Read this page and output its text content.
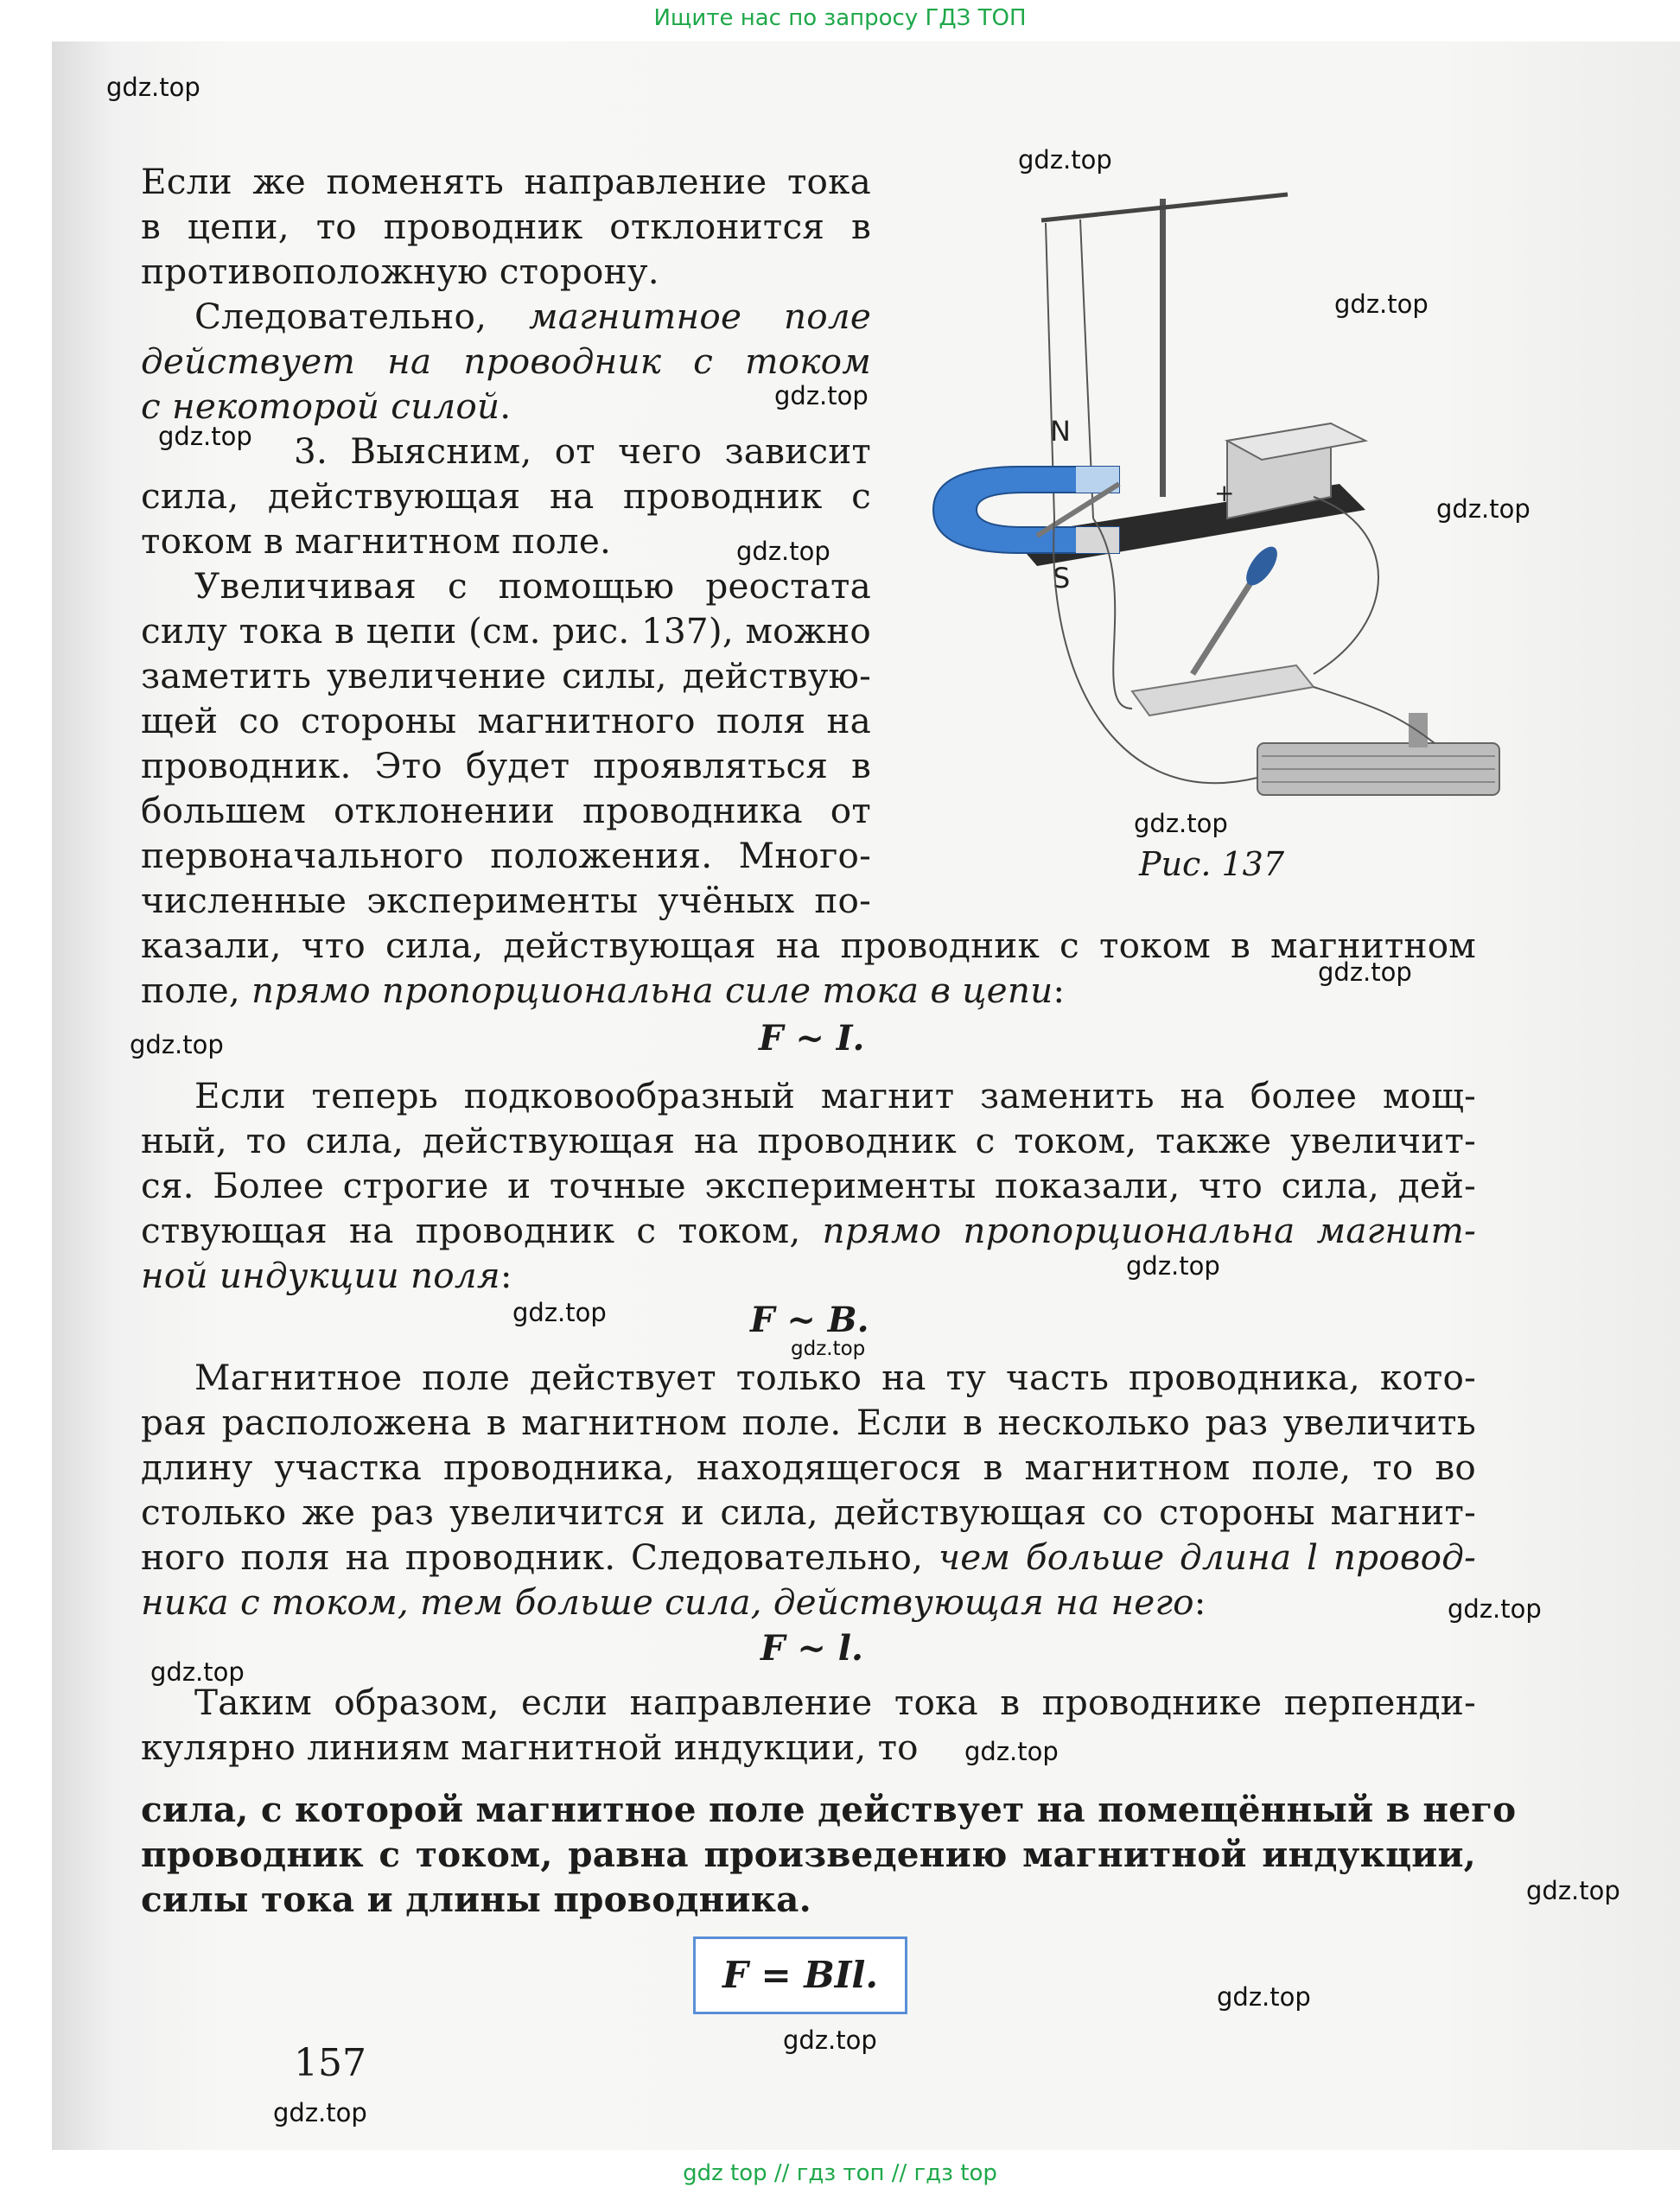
Ищите нас по запросу ГДЗ ТОП
Если же поменять направление тока
в цепи, то проводник отклонится в
противоположную сторону.
Следовательно, магнитное поле
действует на проводник с током
с некоторой силой.
3. Выясним, от чего зависит
сила, действующая на проводник с
током в магнитном поле.
Увеличивая с помощью реостата
силу тока в цепи (см. рис. 137), можно
заметить увеличение силы, действую-
щей со стороны магнитного поля на
проводник. Это будет проявляться в
большем отклонении проводника от
первоначального положения. Много-
численные эксперименты учёных по-
казали, что сила, действующая на проводник с током в магнитном
поле, прямо пропорциональна силе тока в цепи:
F ~ I.
Если теперь подковообразный магнит заменить на более мощ-
ный, то сила, действующая на проводник с током, также увеличит-
ся. Более строгие и точные эксперименты показали, что сила, дей-
ствующая на проводник с током, прямо пропорциональна магнит-
ной индукции поля:
F ~ B.
Магнитное поле действует только на ту часть проводника, кото-
рая расположена в магнитном поле. Если в несколько раз увеличить
длину участка проводника, находящегося в магнитном поле, то во
столько же раз увеличится и сила, действующая со стороны магнит-
ного поля на проводник. Следовательно, чем больше длина l провод-
ника с током, тем больше сила, действующая на него:
F ~ l.
Таким образом, если направление тока в проводнике перпенди-
кулярно линиям магнитной индукции, то
сила, с которой магнитное поле действует на помещённый в него
проводник с током, равна произведению магнитной индукции,
силы тока и длины проводника.
F = BIl.
157
N
S
+
Рис. 137
gdz.top
gdz.top
gdz.top
gdz.top
gdz.top
gdz.top
gdz.top
gdz.top
gdz.top
gdz.top
gdz.top
gdz.top
gdz.top
gdz.top
gdz.top
gdz.top
gdz.top
gdz.top
gdz.top
gdz.top
gdz top // гдз топ // гдз top
